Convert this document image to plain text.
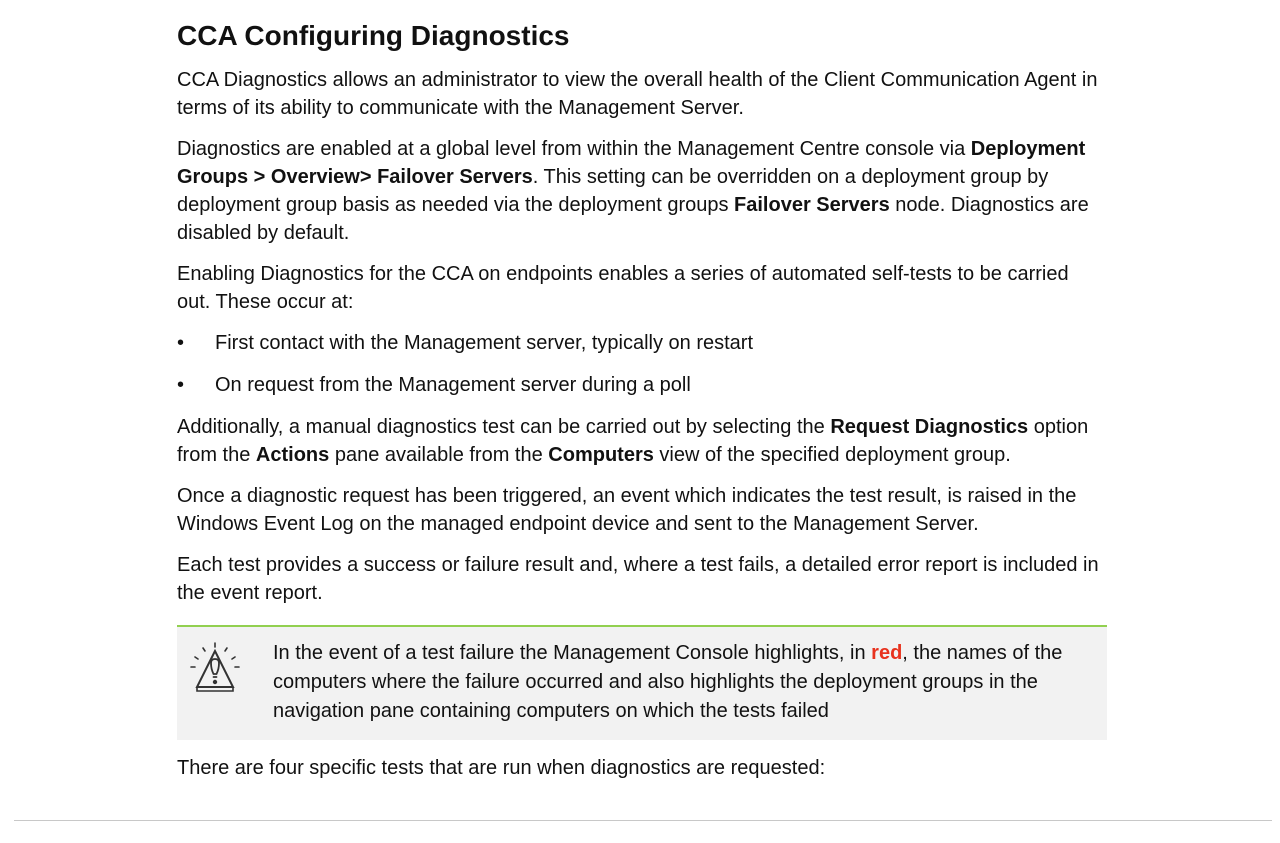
CCA Configuring Diagnostics

CCA Diagnostics allows an administrator to view the overall health of the Client Communication Agent in terms of its ability to communicate with the Management Server.

Diagnostics are enabled at a global level from within the Management Centre console via Deployment Groups > Overview> Failover Servers. This setting can be overridden on a deployment group by deployment group basis as needed via the deployment groups Failover Servers node. Diagnostics are disabled by default.

Enabling Diagnostics for the CCA on endpoints enables a series of automated self-tests to be carried out. These occur at:

• First contact with the Management server, typically on restart
• On request from the Management server during a poll

Additionally, a manual diagnostics test can be carried out by selecting the Request Diagnostics option from the Actions pane available from the Computers view of the specified deployment group.

Once a diagnostic request has been triggered, an event which indicates the test result, is raised in the Windows Event Log on the managed endpoint device and sent to the Management Server.

Each test provides a success or failure result and, where a test fails, a detailed error report is included in the event report.

In the event of a test failure the Management Console highlights, in red, the names of the computers where the failure occurred and also highlights the deployment groups in the navigation pane containing computers on which the tests failed

There are four specific tests that are run when diagnostics are requested:
